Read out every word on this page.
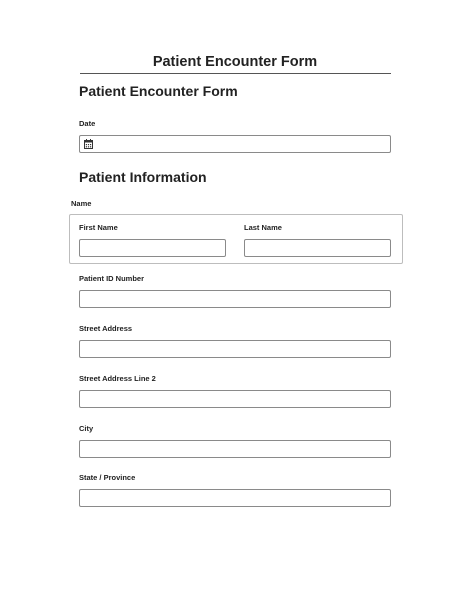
Patient Encounter Form
Patient Encounter Form
Date
Patient Information
Name
First Name	Last Name
Patient ID Number
Street Address
Street Address Line 2
City
State / Province
